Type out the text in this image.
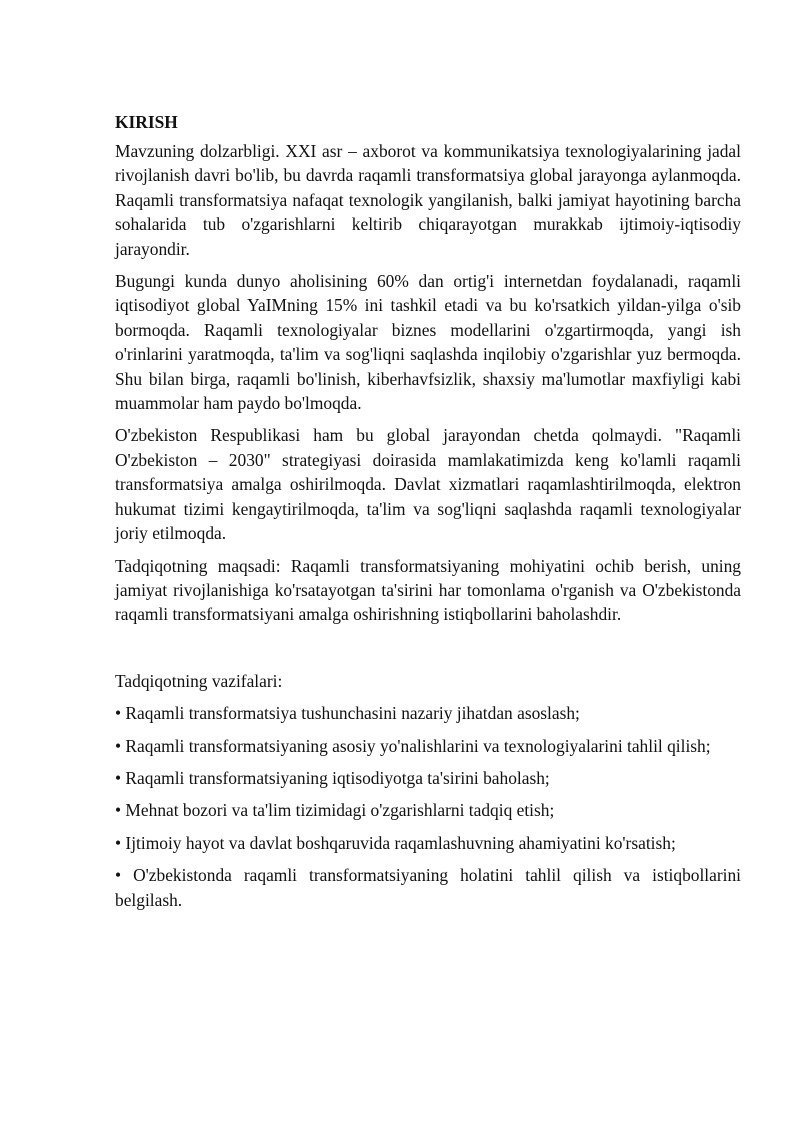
KIRISH

Mavzuning dolzarbligi. XXI asr – axborot va kommunikatsiya texnologiyalarining jadal rivojlanish davri bo'lib, bu davrda raqamli transformatsiya global jarayonga aylanmoqda. Raqamli transformatsiya nafaqat texnologik yangilanish, balki jamiyat hayotining barcha sohalarida tub o'zgarishlarni keltirib chiqarayotgan murakkab ijtimoiy-iqtisodiy jarayondir.

Bugungi kunda dunyo aholisining 60% dan ortig'i internetdan foydalanadi, raqamli iqtisodiyot global YaIMning 15% ini tashkil etadi va bu ko'rsatkich yildan-yilga o'sib bormoqda. Raqamli texnologiyalar biznes modellarini o'zgartirmoqda, yangi ish o'rinlarini yaratmoqda, ta'lim va sog'liqni saqlashda inqilobiy o'zgarishlar yuz bermoqda. Shu bilan birga, raqamli bo'linish, kiberhavfsizlik, shaxsiy ma'lumotlar maxfiyligi kabi muammolar ham paydo bo'lmoqda.

O'zbekiston Respublikasi ham bu global jarayondan chetda qolmaydi. "Raqamli O'zbekiston – 2030" strategiyasi doirasida mamlakatimizda keng ko'lamli raqamli transformatsiya amalga oshirilmoqda. Davlat xizmatlari raqamlashtirilmoqda, elektron hukumat tizimi kengaytirilmoqda, ta'lim va sog'liqni saqlashda raqamli texnologiyalar joriy etilmoqda.

Tadqiqotning maqsadi: Raqamli transformatsiyaning mohiyatini ochib berish, uning jamiyat rivojlanishiga ko'rsatayotgan ta'sirini har tomonlama o'rganish va O'zbekistonda raqamli transformatsiyani amalga oshirishning istiqbollarini baholashdir.

Tadqiqotning vazifalari:

• Raqamli transformatsiya tushunchasini nazariy jihatdan asoslash;
• Raqamli transformatsiyaning asosiy yo'nalishlarini va texnologiyalarini tahlil qilish;
• Raqamli transformatsiyaning iqtisodiyotga ta'sirini baholash;
• Mehnat bozori va ta'lim tizimidagi o'zgarishlarni tadqiq etish;
• Ijtimoiy hayot va davlat boshqaruvida raqamlashuvning ahamiyatini ko'rsatish;
• O'zbekistonda raqamli transformatsiyaning holatini tahlil qilish va istiqbollarini belgilash.
